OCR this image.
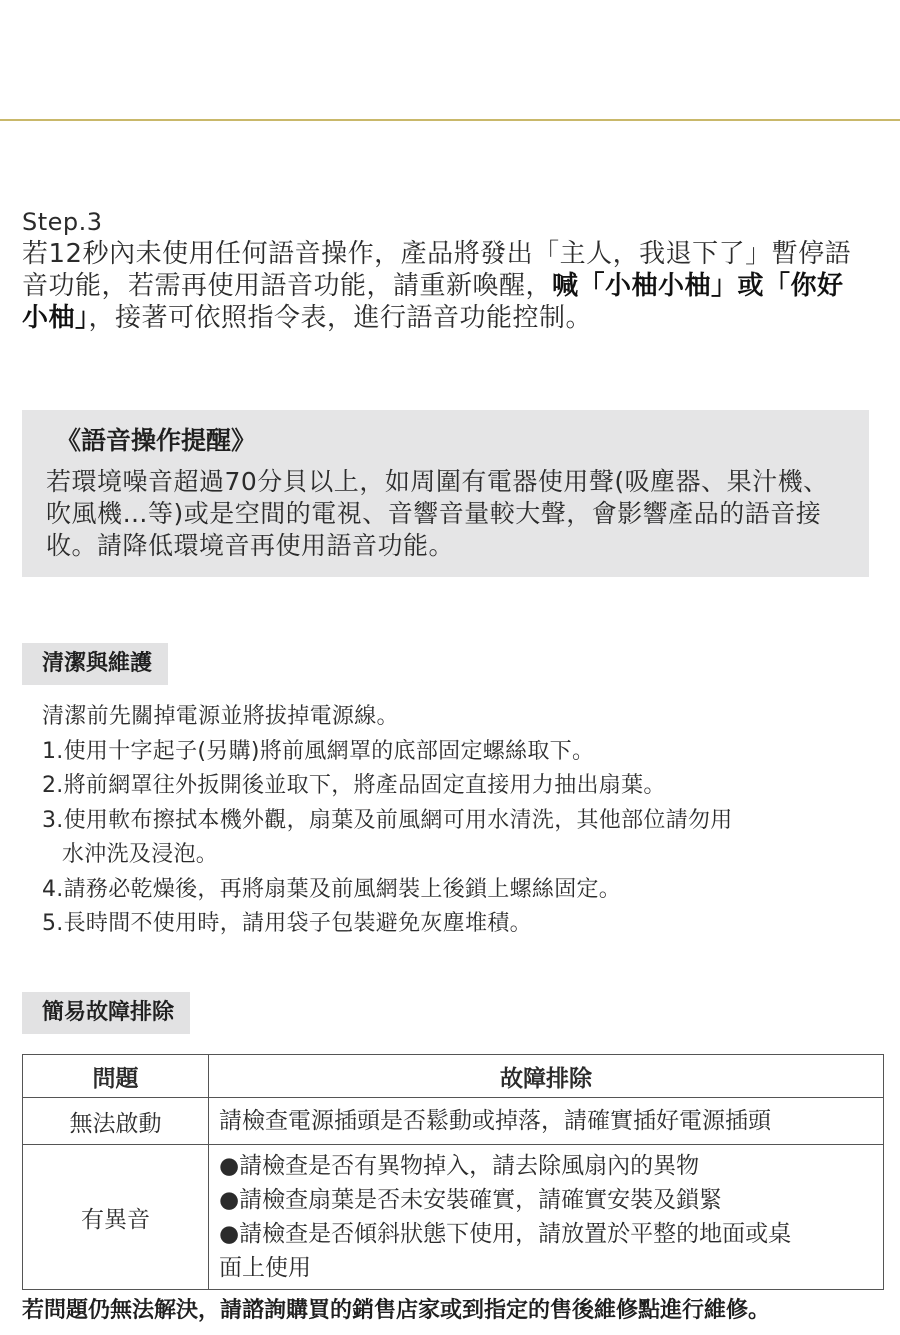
Step.3
若12秒內未使用任何語音操作，產品將發出「主人，我退下了」暫停語音功能，若需再使用語音功能，請重新喚醒，喊「小柚小柚」或「你好小柚」，接著可依照指令表，進行語音功能控制。
《語音操作提醒》
若環境噪音超過70分貝以上，如周圍有電器使用聲(吸塵器、果汁機、吹風機…等)或是空間的電視、音響音量較大聲，會影響產品的語音接收。請降低環境音再使用語音功能。
清潔與維護

清潔前先關掉電源並將拔掉電源線。

1.使用十字起子(另購)將前風網罩的底部固定螺絲取下。

2.將前網罩往外扳開後並取下，將產品固定直接用力抽出扇葉。

3.使用軟布擦拭本機外觀，扇葉及前風網可用水清洗，其他部位請勿用

水沖洗及浸泡。

4.請務必乾燥後，再將扇葉及前風網裝上後鎖上螺絲固定。

5.長時間不使用時，請用袋子包裝避免灰塵堆積。

簡易故障排除
問題	故障排除
無法啟動	請檢查電源插頭是否鬆動或掉落，請確實插好電源插頭

有異音	●請檢查是否有異物掉入，請去除風扇內的異物

●請檢查扇葉是否未安裝確實，請確實安裝及鎖緊

●請檢查是否傾斜狀態下使用，請放置於平整的地面或桌

面上使用

若問題仍無法解決，請諮詢購買的銷售店家或到指定的售後維修點進行維修。
